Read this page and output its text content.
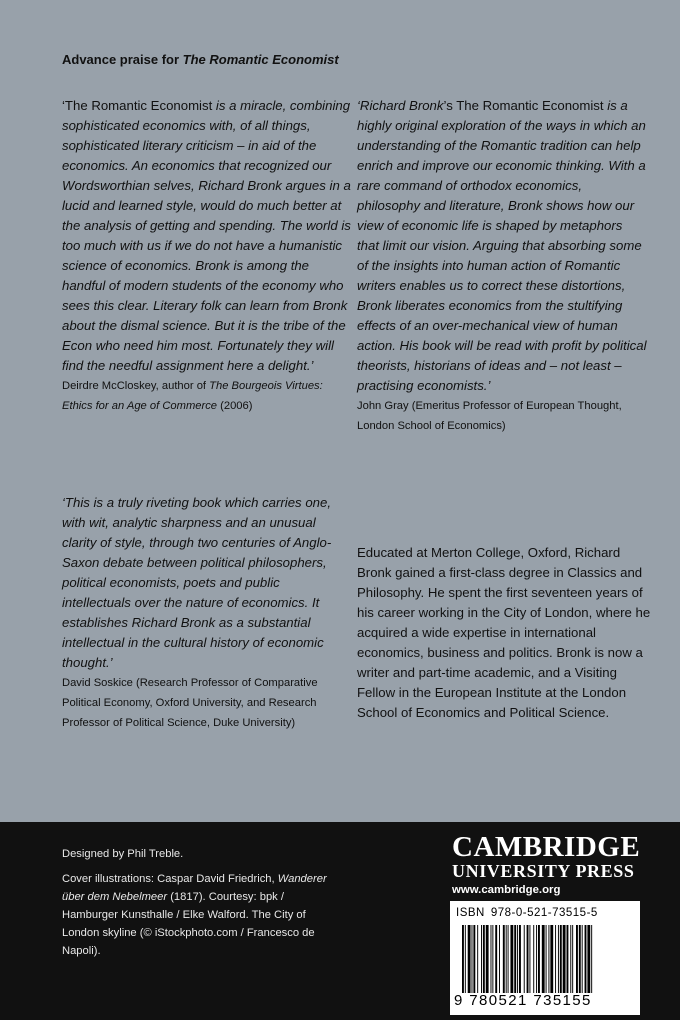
Advance praise for The Romantic Economist

‘The Romantic Economist is a miracle, combining sophisticated economics with, of all things, sophisticated literary criticism – in aid of the economics. An economics that recognized our Wordsworthian selves, Richard Bronk argues in a lucid and learned style, would do much better at the analysis of getting and spending. The world is too much with us if we do not have a humanistic science of economics. Bronk is among the handful of modern students of the economy who sees this clear. Literary folk can learn from Bronk about the dismal science. But it is the tribe of the Econ who need him most. Fortunately they will find the needful assignment here a delight.’

Deirdre McCloskey, author of The Bourgeois Virtues: Ethics for an Age of Commerce (2006)

‘Richard Bronk’s The Romantic Economist is a highly original exploration of the ways in which an understanding of the Romantic tradition can help enrich and improve our economic thinking. With a rare command of orthodox economics, philosophy and literature, Bronk shows how our view of economic life is shaped by metaphors that limit our vision. Arguing that absorbing some of the insights into human action of Romantic writers enables us to correct these distortions, Bronk liberates economics from the stultifying effects of an over-mechanical view of human action. His book will be read with profit by political theorists, historians of ideas and – not least – practising economists.’

John Gray (Emeritus Professor of European Thought, London School of Economics)

‘This is a truly riveting book which carries one, with wit, analytic sharpness and an unusual clarity of style, through two centuries of Anglo-Saxon debate between political philosophers, political economists, poets and public intellectuals over the nature of economics. It establishes Richard Bronk as a substantial intellectual in the cultural history of economic thought.’

David Soskice (Research Professor of Comparative Political Economy, Oxford University, and Research Professor of Political Science, Duke University)

Educated at Merton College, Oxford, Richard Bronk gained a first-class degree in Classics and Philosophy. He spent the first seventeen years of his career working in the City of London, where he acquired a wide expertise in international economics, business and politics. Bronk is now a writer and part-time academic, and a Visiting Fellow in the European Institute at the London School of Economics and Political Science.

Designed by Phil Treble.
Cover illustrations: Caspar David Friedrich, Wanderer über dem Nebelmeer (1817). Courtesy: bpk / Hamburger Kunsthalle / Elke Walford. The City of London skyline (© iStockphoto.com / Francesco de Napoli).
CAMBRIDGE
UNIVERSITY PRESS
www.cambridge.org
ISBN 978-0-521-73515-5
9 780521 735155
